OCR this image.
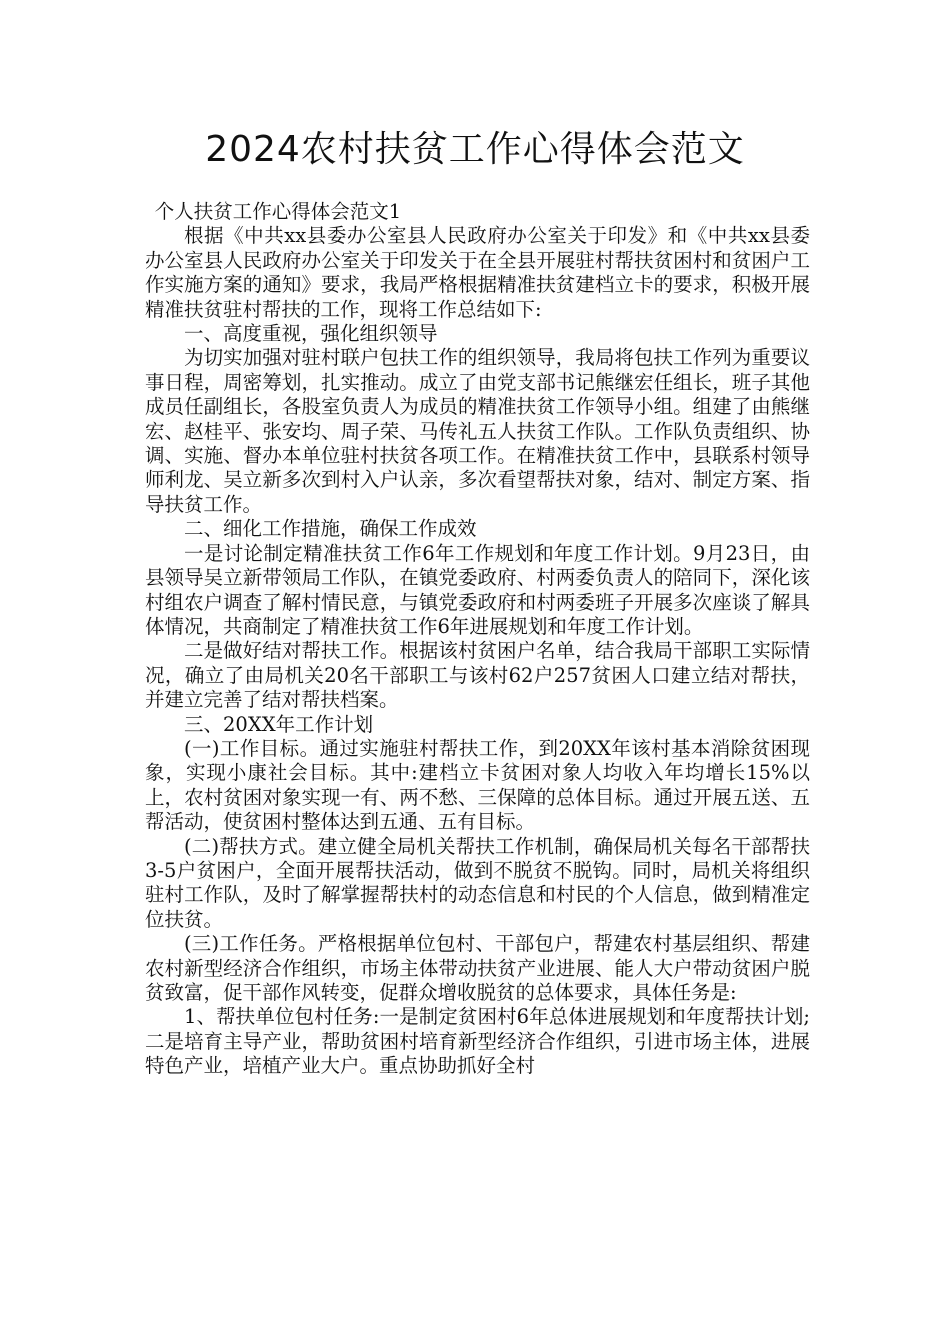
2024农村扶贫工作心得体会范文

个人扶贫工作心得体会范文1

根据《中共xx县委办公室县人民政府办公室关于印发》和《中共xx县委办公室县人民政府办公室关于印发关于在全县开展驻村帮扶贫困村和贫困户工作实施方案的通知》要求，我局严格根据精准扶贫建档立卡的要求，积极开展精准扶贫驻村帮扶的工作，现将工作总结如下:

一、高度重视，强化组织领导

为切实加强对驻村联户包扶工作的组织领导，我局将包扶工作列为重要议事日程，周密筹划，扎实推动。成立了由党支部书记熊继宏任组长，班子其他成员任副组长，各股室负责人为成员的精准扶贫工作领导小组。组建了由熊继宏、赵桂平、张安均、周子荣、马传礼五人扶贫工作队。工作队负责组织、协调、实施、督办本单位驻村扶贫各项工作。在精准扶贫工作中，县联系村领导师利龙、吴立新多次到村入户认亲，多次看望帮扶对象，结对、制定方案、指导扶贫工作。

二、细化工作措施，确保工作成效

一是讨论制定精准扶贫工作6年工作规划和年度工作计划。9月23日，由县领导吴立新带领局工作队，在镇党委政府、村两委负责人的陪同下，深化该村组农户调查了解村情民意，与镇党委政府和村两委班子开展多次座谈了解具体情况，共商制定了精准扶贫工作6年进展规划和年度工作计划。

二是做好结对帮扶工作。根据该村贫困户名单，结合我局干部职工实际情况，确立了由局机关20名干部职工与该村62户257贫困人口建立结对帮扶，并建立完善了结对帮扶档案。

三、20XX年工作计划

(一)工作目标。通过实施驻村帮扶工作，到20XX年该村基本消除贫困现象，实现小康社会目标。其中:建档立卡贫困对象人均收入年均增长15%以上，农村贫困对象实现一有、两不愁、三保障的总体目标。通过开展五送、五帮活动，使贫困村整体达到五通、五有目标。

(二)帮扶方式。建立健全局机关帮扶工作机制，确保局机关每名干部帮扶3-5户贫困户，全面开展帮扶活动，做到不脱贫不脱钩。同时，局机关将组织驻村工作队，及时了解掌握帮扶村的动态信息和村民的个人信息，做到精准定位扶贫。

(三)工作任务。严格根据单位包村、干部包户，帮建农村基层组织、帮建农村新型经济合作组织，市场主体带动扶贫产业进展、能人大户带动贫困户脱贫致富，促干部作风转变，促群众增收脱贫的总体要求，具体任务是:

1、帮扶单位包村任务:一是制定贫困村6年总体进展规划和年度帮扶计划;二是培育主导产业，帮助贫困村培育新型经济合作组织，引进市场主体，进展特色产业，培植产业大户。重点协助抓好全村
